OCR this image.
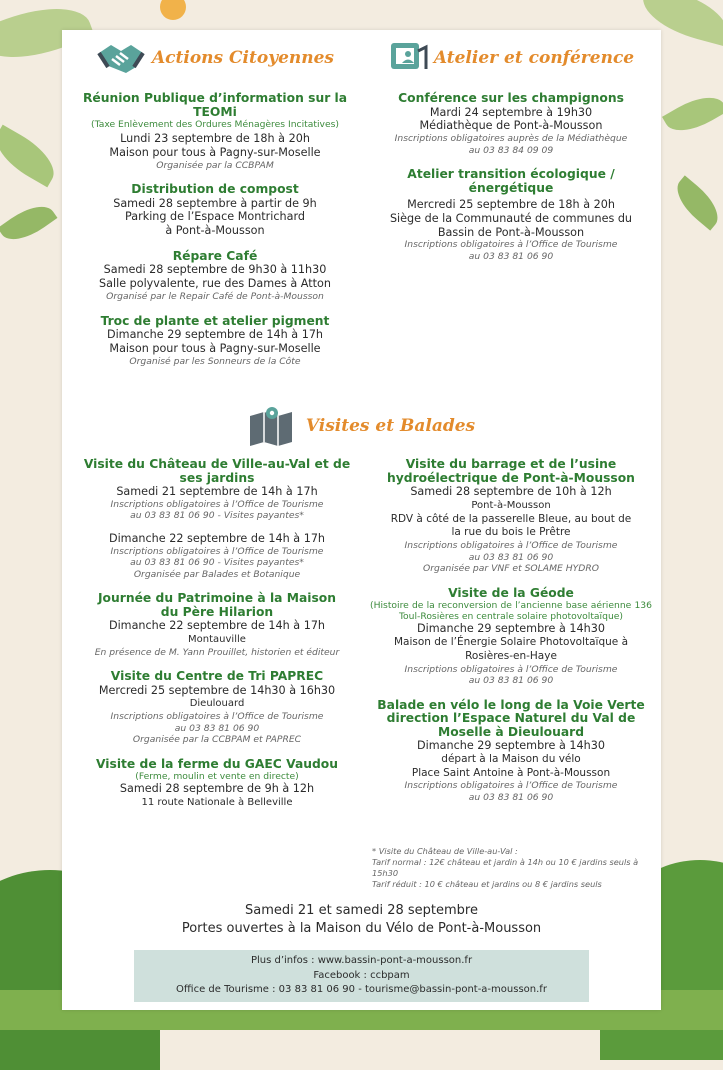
Actions Citoyennes
Réunion Publique d’information sur la TEOMi
(Taxe Enlèvement des Ordures Ménagères Incitatives)
Lundi 23 septembre de 18h à 20h
Maison pour tous à Pagny-sur-Moselle
Organisée par la CCBPAM
Distribution de compost
Samedi 28 septembre à partir de 9h
Parking de l’Espace Montrichard
à Pont-à-Mousson
Répare Café
Samedi 28 septembre de 9h30 à 11h30
Salle polyvalente, rue des Dames à Atton
Organisé par le Repair Café de Pont-à-Mousson
Troc de plante et atelier pigment
Dimanche 29 septembre de 14h à 17h
Maison pour tous à Pagny-sur-Moselle
Organisé par les Sonneurs de la Côte
Atelier et conférence
Conférence sur les champignons
Mardi 24 septembre à 19h30
Médiathèque de Pont-à-Mousson
Inscriptions obligatoires auprès de la Médiathèque
au 03 83 84 09 09
Atelier transition écologique / énergétique
Mercredi 25 septembre de 18h à 20h
Siège de la Communauté de communes du
Bassin de Pont-à-Mousson
Inscriptions obligatoires à l’Office de Tourisme
au 03 83 81 06 90
Visites et Balades
Visite du Château de Ville-au-Val et de ses jardins
Samedi 21 septembre de 14h à 17h
Inscriptions obligatoires à l’Office de Tourisme
au 03 83 81 06 90 - Visites payantes*
Dimanche 22 septembre de 14h à 17h
Inscriptions obligatoires à l’Office de Tourisme
au 03 83 81 06 90 - Visites payantes*
Organisée par Balades et Botanique
Journée du Patrimoine à la Maison du Père Hilarion
Dimanche 22 septembre de 14h à 17h
Montauville
En présence de M. Yann Prouillet, historien et éditeur
Visite du Centre de Tri PAPREC
Mercredi 25 septembre de 14h30 à 16h30
Dieulouard
Inscriptions obligatoires à l’Office de Tourisme
au 03 83 81 06 90
Organisée par la CCBPAM et PAPREC
Visite de la ferme du GAEC Vaudou
(Ferme, moulin et vente en directe)
Samedi 28 septembre de 9h à 12h
11 route Nationale à Belleville
Visite du barrage et de l’usine hydroélectrique de Pont-à-Mousson
Samedi 28 septembre de 10h à 12h
Pont-à-Mousson
RDV à côté de la passerelle Bleue, au bout de
la rue du bois le Prêtre
Inscriptions obligatoires à l’Office de Tourisme
au 03 83 81 06 90
Organisée par VNF et SOLAME HYDRO
Visite de la Géode
(Histoire de la reconversion de l’ancienne base aérienne 136 Toul-Rosières en centrale solaire photovoltaïque)
Dimanche 29 septembre à 14h30
Maison de l’Énergie Solaire Photovoltaïque à
Rosières-en-Haye
Inscriptions obligatoires à l’Office de Tourisme
au 03 83 81 06 90
Balade en vélo le long de la Voie Verte direction l’Espace Naturel du Val de Moselle à Dieulouard
Dimanche 29 septembre à 14h30
départ à la Maison du vélo
Place Saint Antoine à Pont-à-Mousson
Inscriptions obligatoires à l’Office de Tourisme
au 03 83 81 06 90
* Visite du Château de Ville-au-Val :
Tarif normal : 12€ château et jardin à 14h ou 10 € jardins seuls à 15h30
Tarif réduit : 10 € château et jardins ou 8 € jardins seuls
Samedi 21 et samedi 28 septembre
Portes ouvertes à la Maison du Vélo de Pont-à-Mousson
Plus d’infos : www.bassin-pont-a-mousson.fr
Facebook : ccbpam
Office de Tourisme : 03 83 81 06 90 - tourisme@bassin-pont-a-mousson.fr
